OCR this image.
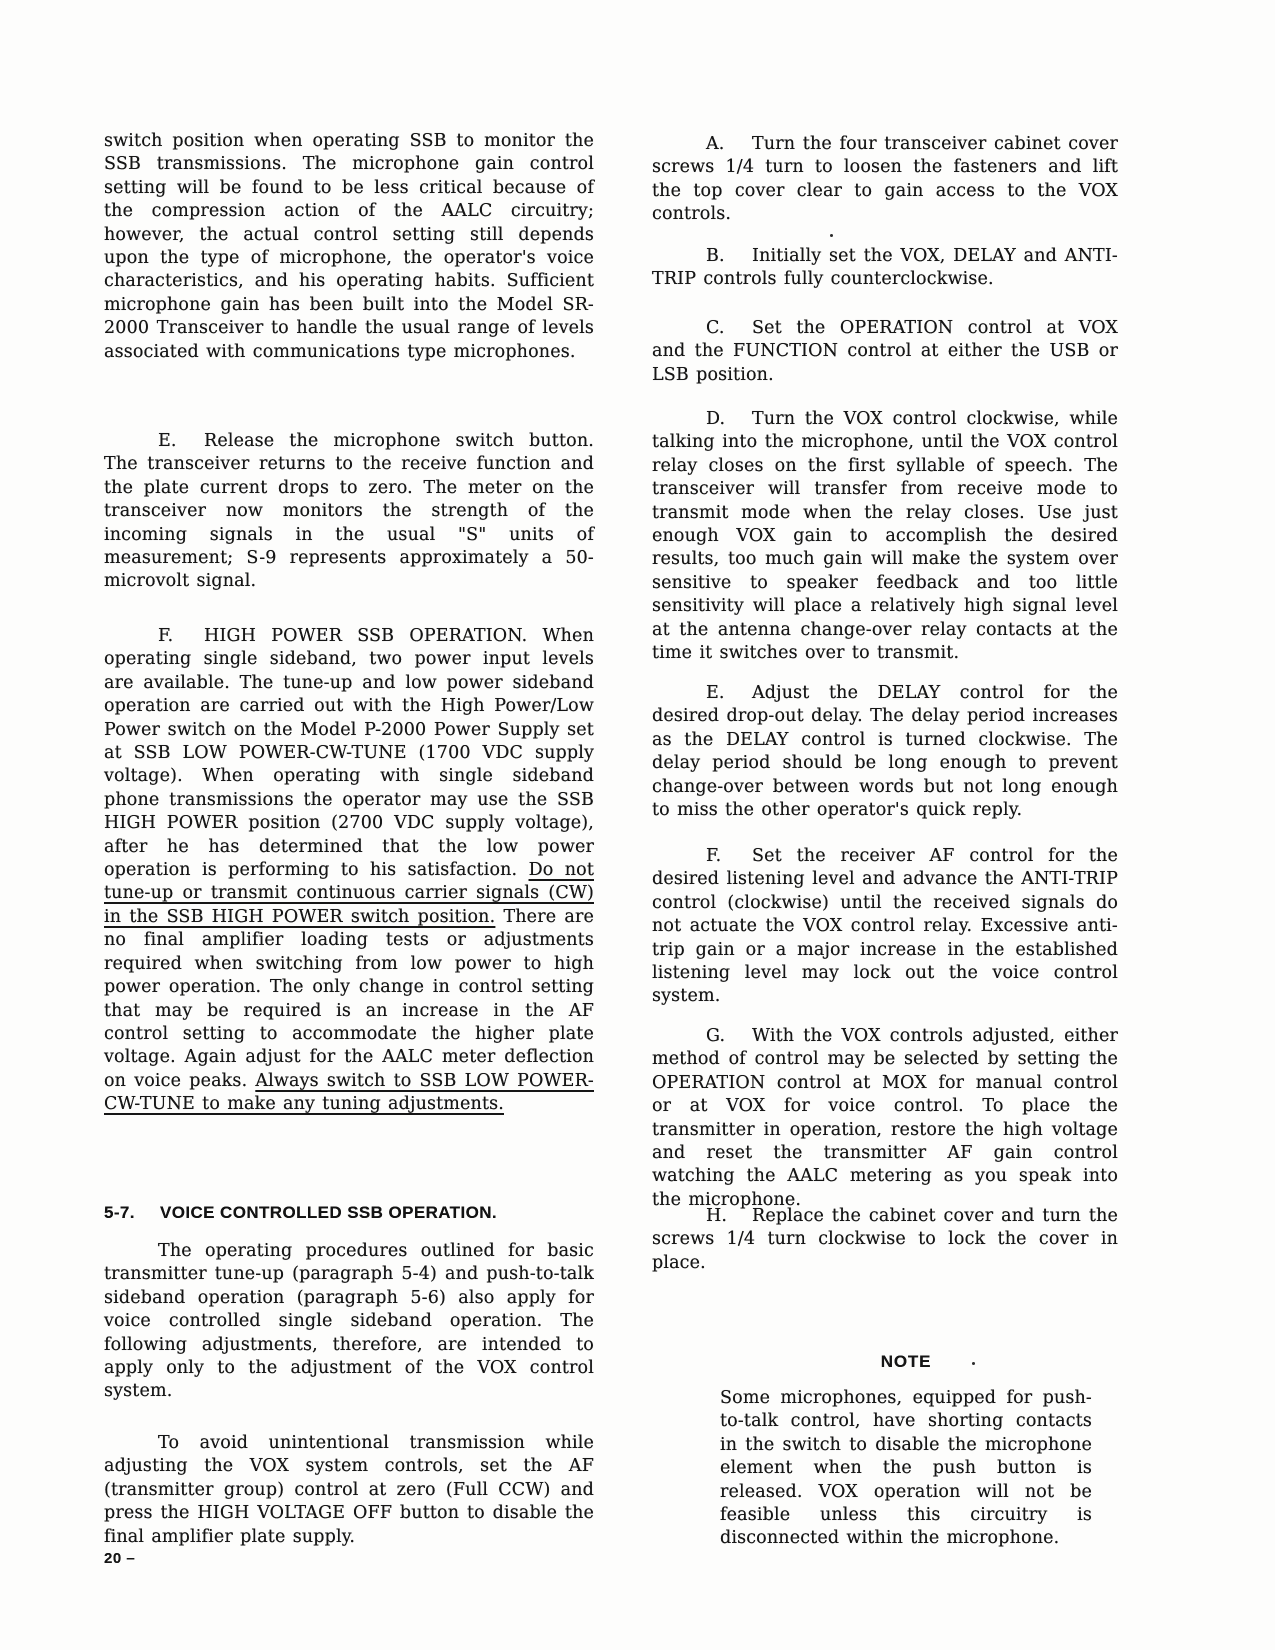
switch position when operating SSB to monitor the SSB transmissions. The microphone gain control setting will be found to be less critical because of the compression action of the AALC circuitry; however, the actual control setting still depends upon the type of microphone, the operator's voice characteristics, and his operating habits. Sufficient microphone gain has been built into the Model SR-2000 Transceiver to handle the usual range of levels associated with communications type microphones.

E. Release the microphone switch button. The transceiver returns to the receive function and the plate current drops to zero. The meter on the transceiver now monitors the strength of the incoming signals in the usual "S" units of measurement; S-9 represents approximately a 50-microvolt signal.

F. HIGH POWER SSB OPERATION. When operating single sideband, two power input levels are available. The tune-up and low power sideband operation are carried out with the High Power/Low Power switch on the Model P-2000 Power Supply set at SSB LOW POWER-CW-TUNE (1700 VDC supply voltage). When operating with single sideband phone transmissions the operator may use the SSB HIGH POWER position (2700 VDC supply voltage), after he has determined that the low power operation is performing to his satisfaction. Do not tune-up or transmit continuous carrier signals (CW) in the SSB HIGH POWER switch position. There are no final amplifier loading tests or adjustments required when switching from low power to high power operation. The only change in control setting that may be required is an increase in the AF control setting to accommodate the higher plate voltage. Again adjust for the AALC meter deflection on voice peaks. Always switch to SSB LOW POWER-CW-TUNE to make any tuning adjustments.

5-7. VOICE CONTROLLED SSB OPERATION.

The operating procedures outlined for basic transmitter tune-up (paragraph 5-4) and push-to-talk sideband operation (paragraph 5-6) also apply for voice controlled single sideband operation. The following adjustments, therefore, are intended to apply only to the adjustment of the VOX control system.

To avoid unintentional transmission while adjusting the VOX system controls, set the AF (transmitter group) control at zero (Full CCW) and press the HIGH VOLTAGE OFF button to disable the final amplifier plate supply.

20 –

A. Turn the four transceiver cabinet cover screws 1/4 turn to loosen the fasteners and lift the top cover clear to gain access to the VOX controls.

B. Initially set the VOX, DELAY and ANTI-TRIP controls fully counterclockwise.

C. Set the OPERATION control at VOX and the FUNCTION control at either the USB or LSB position.

D. Turn the VOX control clockwise, while talking into the microphone, until the VOX control relay closes on the first syllable of speech. The transceiver will transfer from receive mode to transmit mode when the relay closes. Use just enough VOX gain to accomplish the desired results, too much gain will make the system over sensitive to speaker feedback and too little sensitivity will place a relatively high signal level at the antenna change-over relay contacts at the time it switches over to transmit.

E. Adjust the DELAY control for the desired drop-out delay. The delay period increases as the DELAY control is turned clockwise. The delay period should be long enough to prevent change-over between words but not long enough to miss the other operator's quick reply.

F. Set the receiver AF control for the desired listening level and advance the ANTI-TRIP control (clockwise) until the received signals do not actuate the VOX control relay. Excessive anti-trip gain or a major increase in the established listening level may lock out the voice control system.

G. With the VOX controls adjusted, either method of control may be selected by setting the OPERATION control at MOX for manual control or at VOX for voice control. To place the transmitter in operation, restore the high voltage and reset the transmitter AF gain control watching the AALC metering as you speak into the microphone.

H. Replace the cabinet cover and turn the screws 1/4 turn clockwise to lock the cover in place.

NOTE

Some microphones, equipped for push-to-talk control, have shorting contacts in the switch to disable the microphone element when the push button is released. VOX operation will not be feasible unless this circuitry is disconnected within the microphone.
